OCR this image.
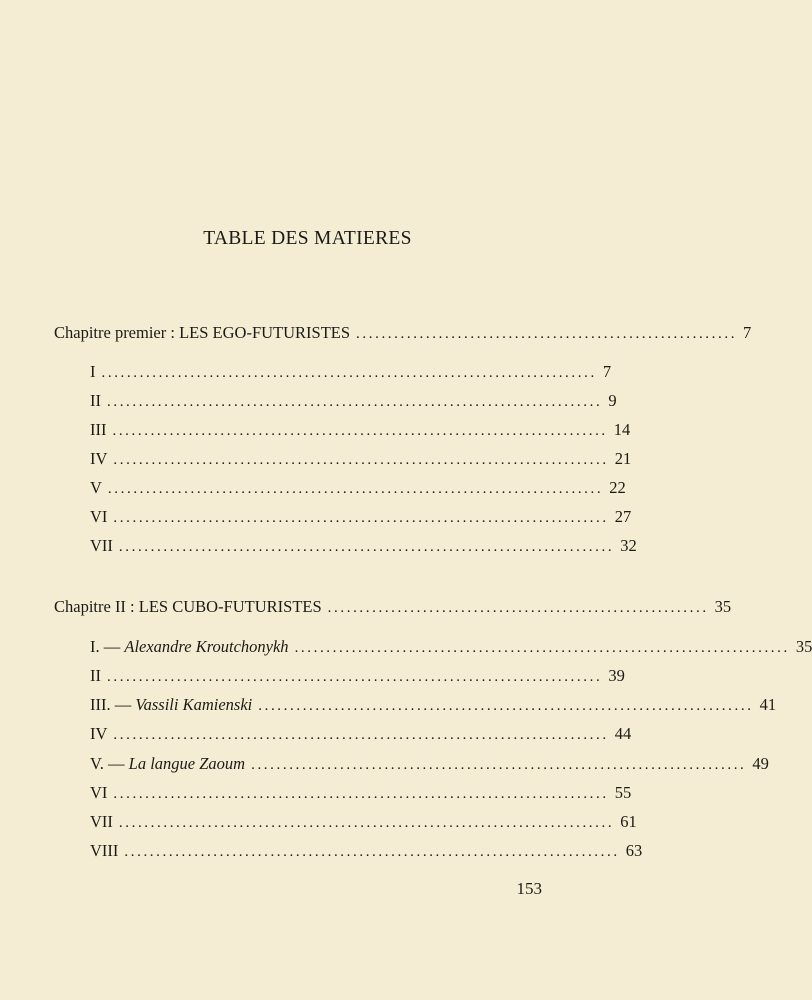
TABLE DES MATIERES
Chapitre premier : LES EGO-FUTURISTES ............................................................ 7
I .............................................................................. 7
II .............................................................................. 9
III .............................................................................. 14
IV .............................................................................. 21
V .............................................................................. 22
VI .............................................................................. 27
VII .............................................................................. 32
Chapitre II : LES CUBO-FUTURISTES ............................................................ 35
I. — Alexandre Kroutchonykh .............................................................................. 35
II .............................................................................. 39
III. — Vassili Kamienski .............................................................................. 41
IV .............................................................................. 44
V. — La langue Zaoum .............................................................................. 49
VI .............................................................................. 55
VII .............................................................................. 61
VIII .............................................................................. 63
153
